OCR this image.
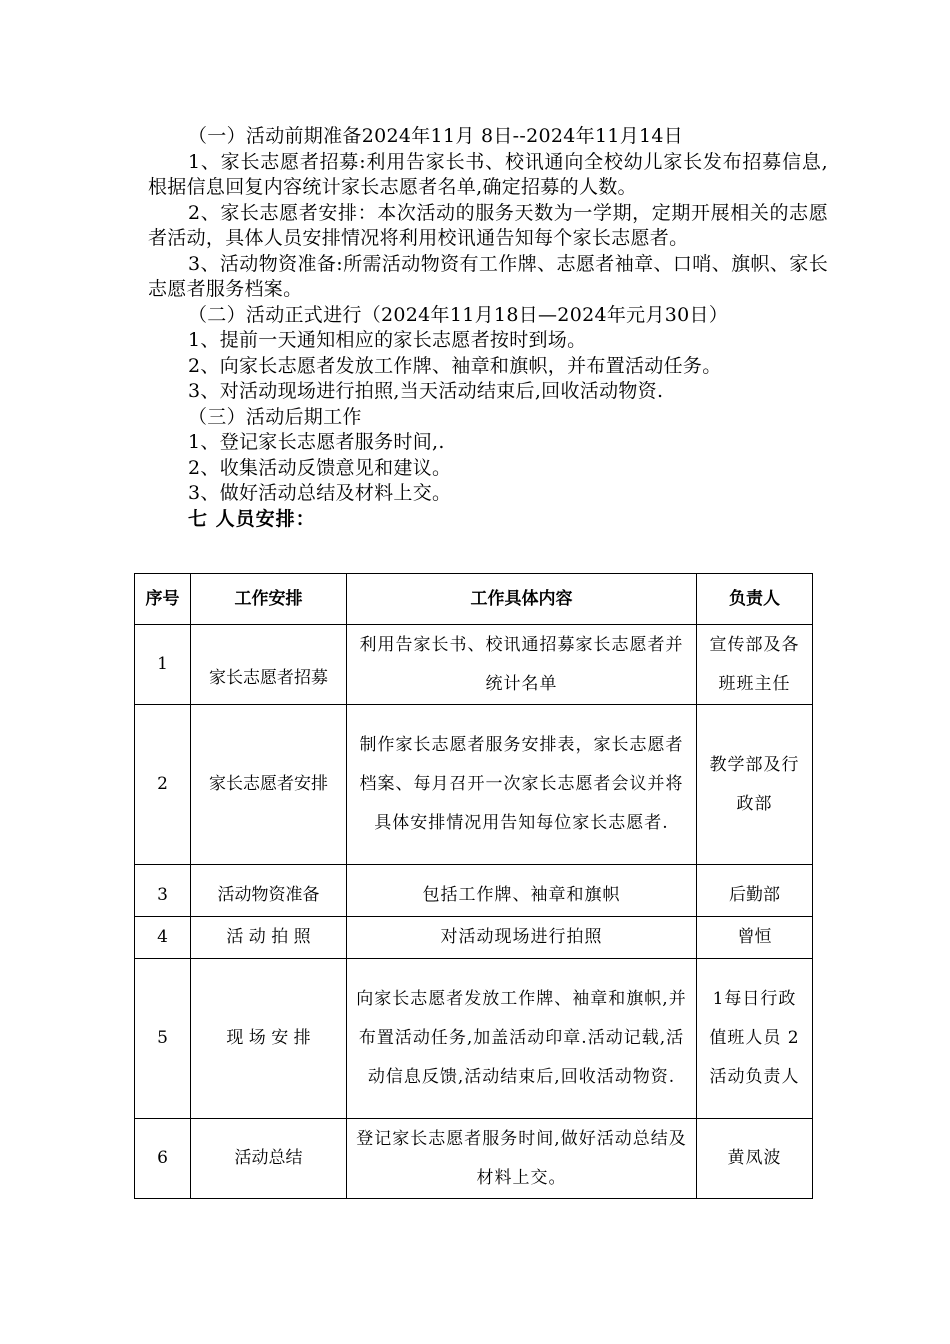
（一）活动前期准备2024年11月 8日--2024年11月14日

1、家长志愿者招募:利用告家长书、校讯通向全校幼儿家长发布招募信息,根据信息回复内容统计家长志愿者名单,确定招募的人数。

2、家长志愿者安排：本次活动的服务天数为一学期，定期开展相关的志愿者活动，具体人员安排情况将利用校讯通告知每个家长志愿者。

3、活动物资准备:所需活动物资有工作牌、志愿者袖章、口哨、旗帜、家长志愿者服务档案。

（二）活动正式进行（2024年11月18日—2024年元月30日）

1、提前一天通知相应的家长志愿者按时到场。

2、向家长志愿者发放工作牌、袖章和旗帜，并布置活动任务。

3、对活动现场进行拍照,当天活动结束后,回收活动物资.

（三）活动后期工作

1、登记家长志愿者服务时间,.

2、收集活动反馈意见和建议。

3、做好活动总结及材料上交。

七 人员安排：

序号	工作安排	工作具体内容	负责人
1	家长志愿者招募	利用告家长书、校讯通招募家长志愿者并统计名单	宣传部及各班班主任
2	家长志愿者安排	制作家长志愿者服务安排表，家长志愿者档案、每月召开一次家长志愿者会议并将具体安排情况用告知每位家长志愿者.	教学部及行政部
3	活动物资准备	包括工作牌、袖章和旗帜	后勤部
4	活 动 拍 照	对活动现场进行拍照	曾恒
5	现 场 安 排	向家长志愿者发放工作牌、袖章和旗帜,并布置活动任务,加盖活动印章.活动记载,活动信息反馈,活动结束后,回收活动物资.	1每日行政值班人员 2活动负责人
6	活动总结	登记家长志愿者服务时间,做好活动总结及材料上交。	黄凤波
